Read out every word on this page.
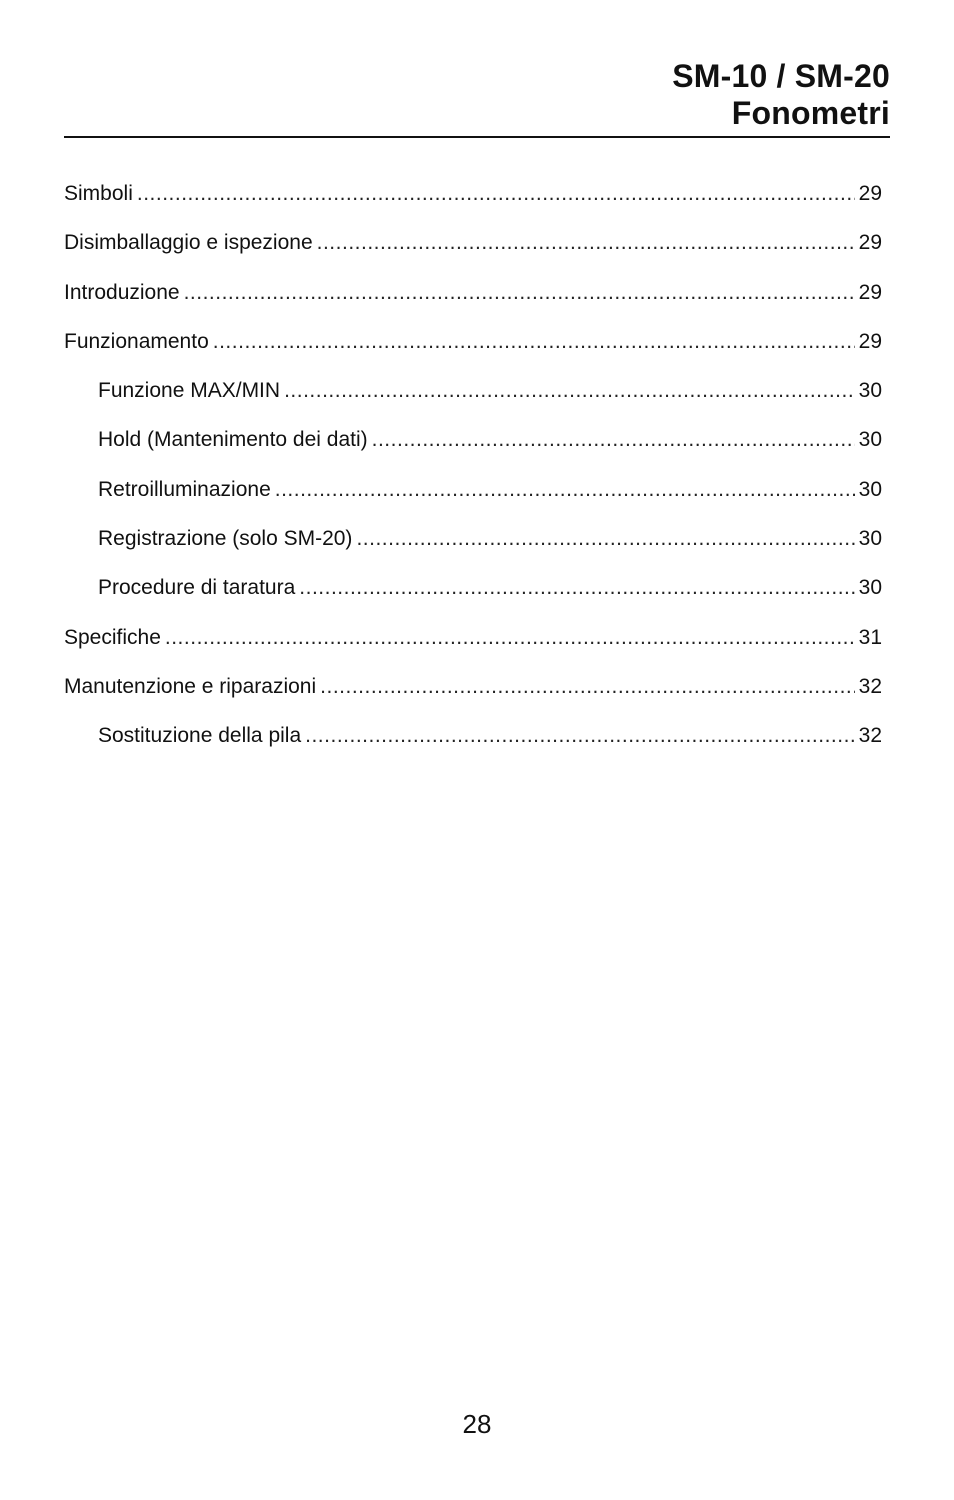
SM-10 / SM-20
Fonometri
Simboli .....	29
Disimballaggio e ispezione .....	29
Introduzione .....	29
Funzionamento .....	29
Funzione MAX/MIN .....	30
Hold (Mantenimento dei dati) .....	30
Retroilluminazione .....	30
Registrazione (solo SM-20) .....	30
Procedure di taratura .....	30
Specifiche .....	31
Manutenzione e riparazioni .....	32
Sostituzione della pila .....	32
28
